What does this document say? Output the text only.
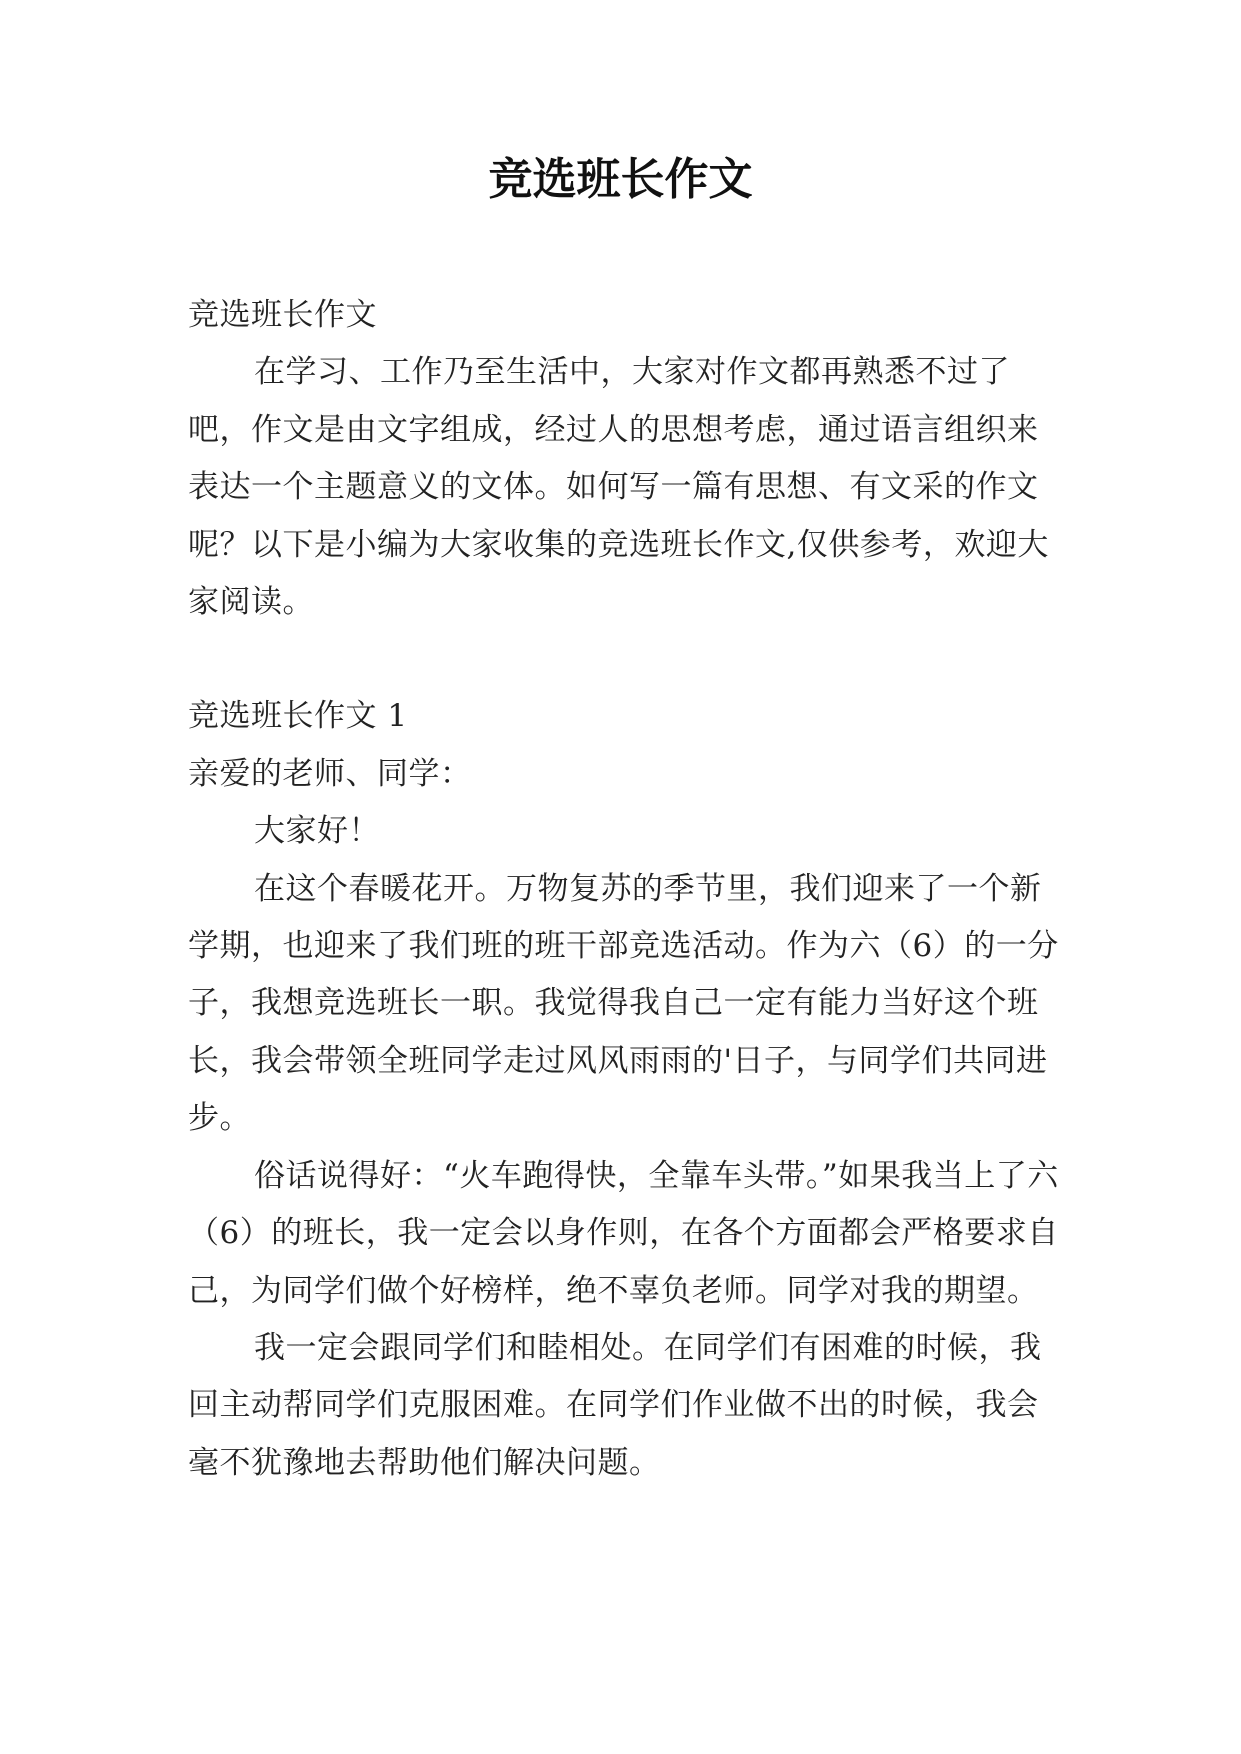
竞选班长作文

竞选班长作文

在学习、工作乃至生活中，大家对作文都再熟悉不过了吧，作文是由文字组成，经过人的思想考虑，通过语言组织来表达一个主题意义的文体。如何写一篇有思想、有文采的作文呢？以下是小编为大家收集的竞选班长作文,仅供参考，欢迎大家阅读。

竞选班长作文 1

亲爱的老师、同学：

大家好！

在这个春暖花开。万物复苏的季节里，我们迎来了一个新学期，也迎来了我们班的班干部竞选活动。作为六（6）的一分子，我想竞选班长一职。我觉得我自己一定有能力当好这个班长，我会带领全班同学走过风风雨雨的'日子，与同学们共同进步。

俗话说得好：“火车跑得快，全靠车头带。”如果我当上了六（6）的班长，我一定会以身作则，在各个方面都会严格要求自己，为同学们做个好榜样，绝不辜负老师。同学对我的期望。

我一定会跟同学们和睦相处。在同学们有困难的时候，我回主动帮同学们克服困难。在同学们作业做不出的时候，我会毫不犹豫地去帮助他们解决问题。
